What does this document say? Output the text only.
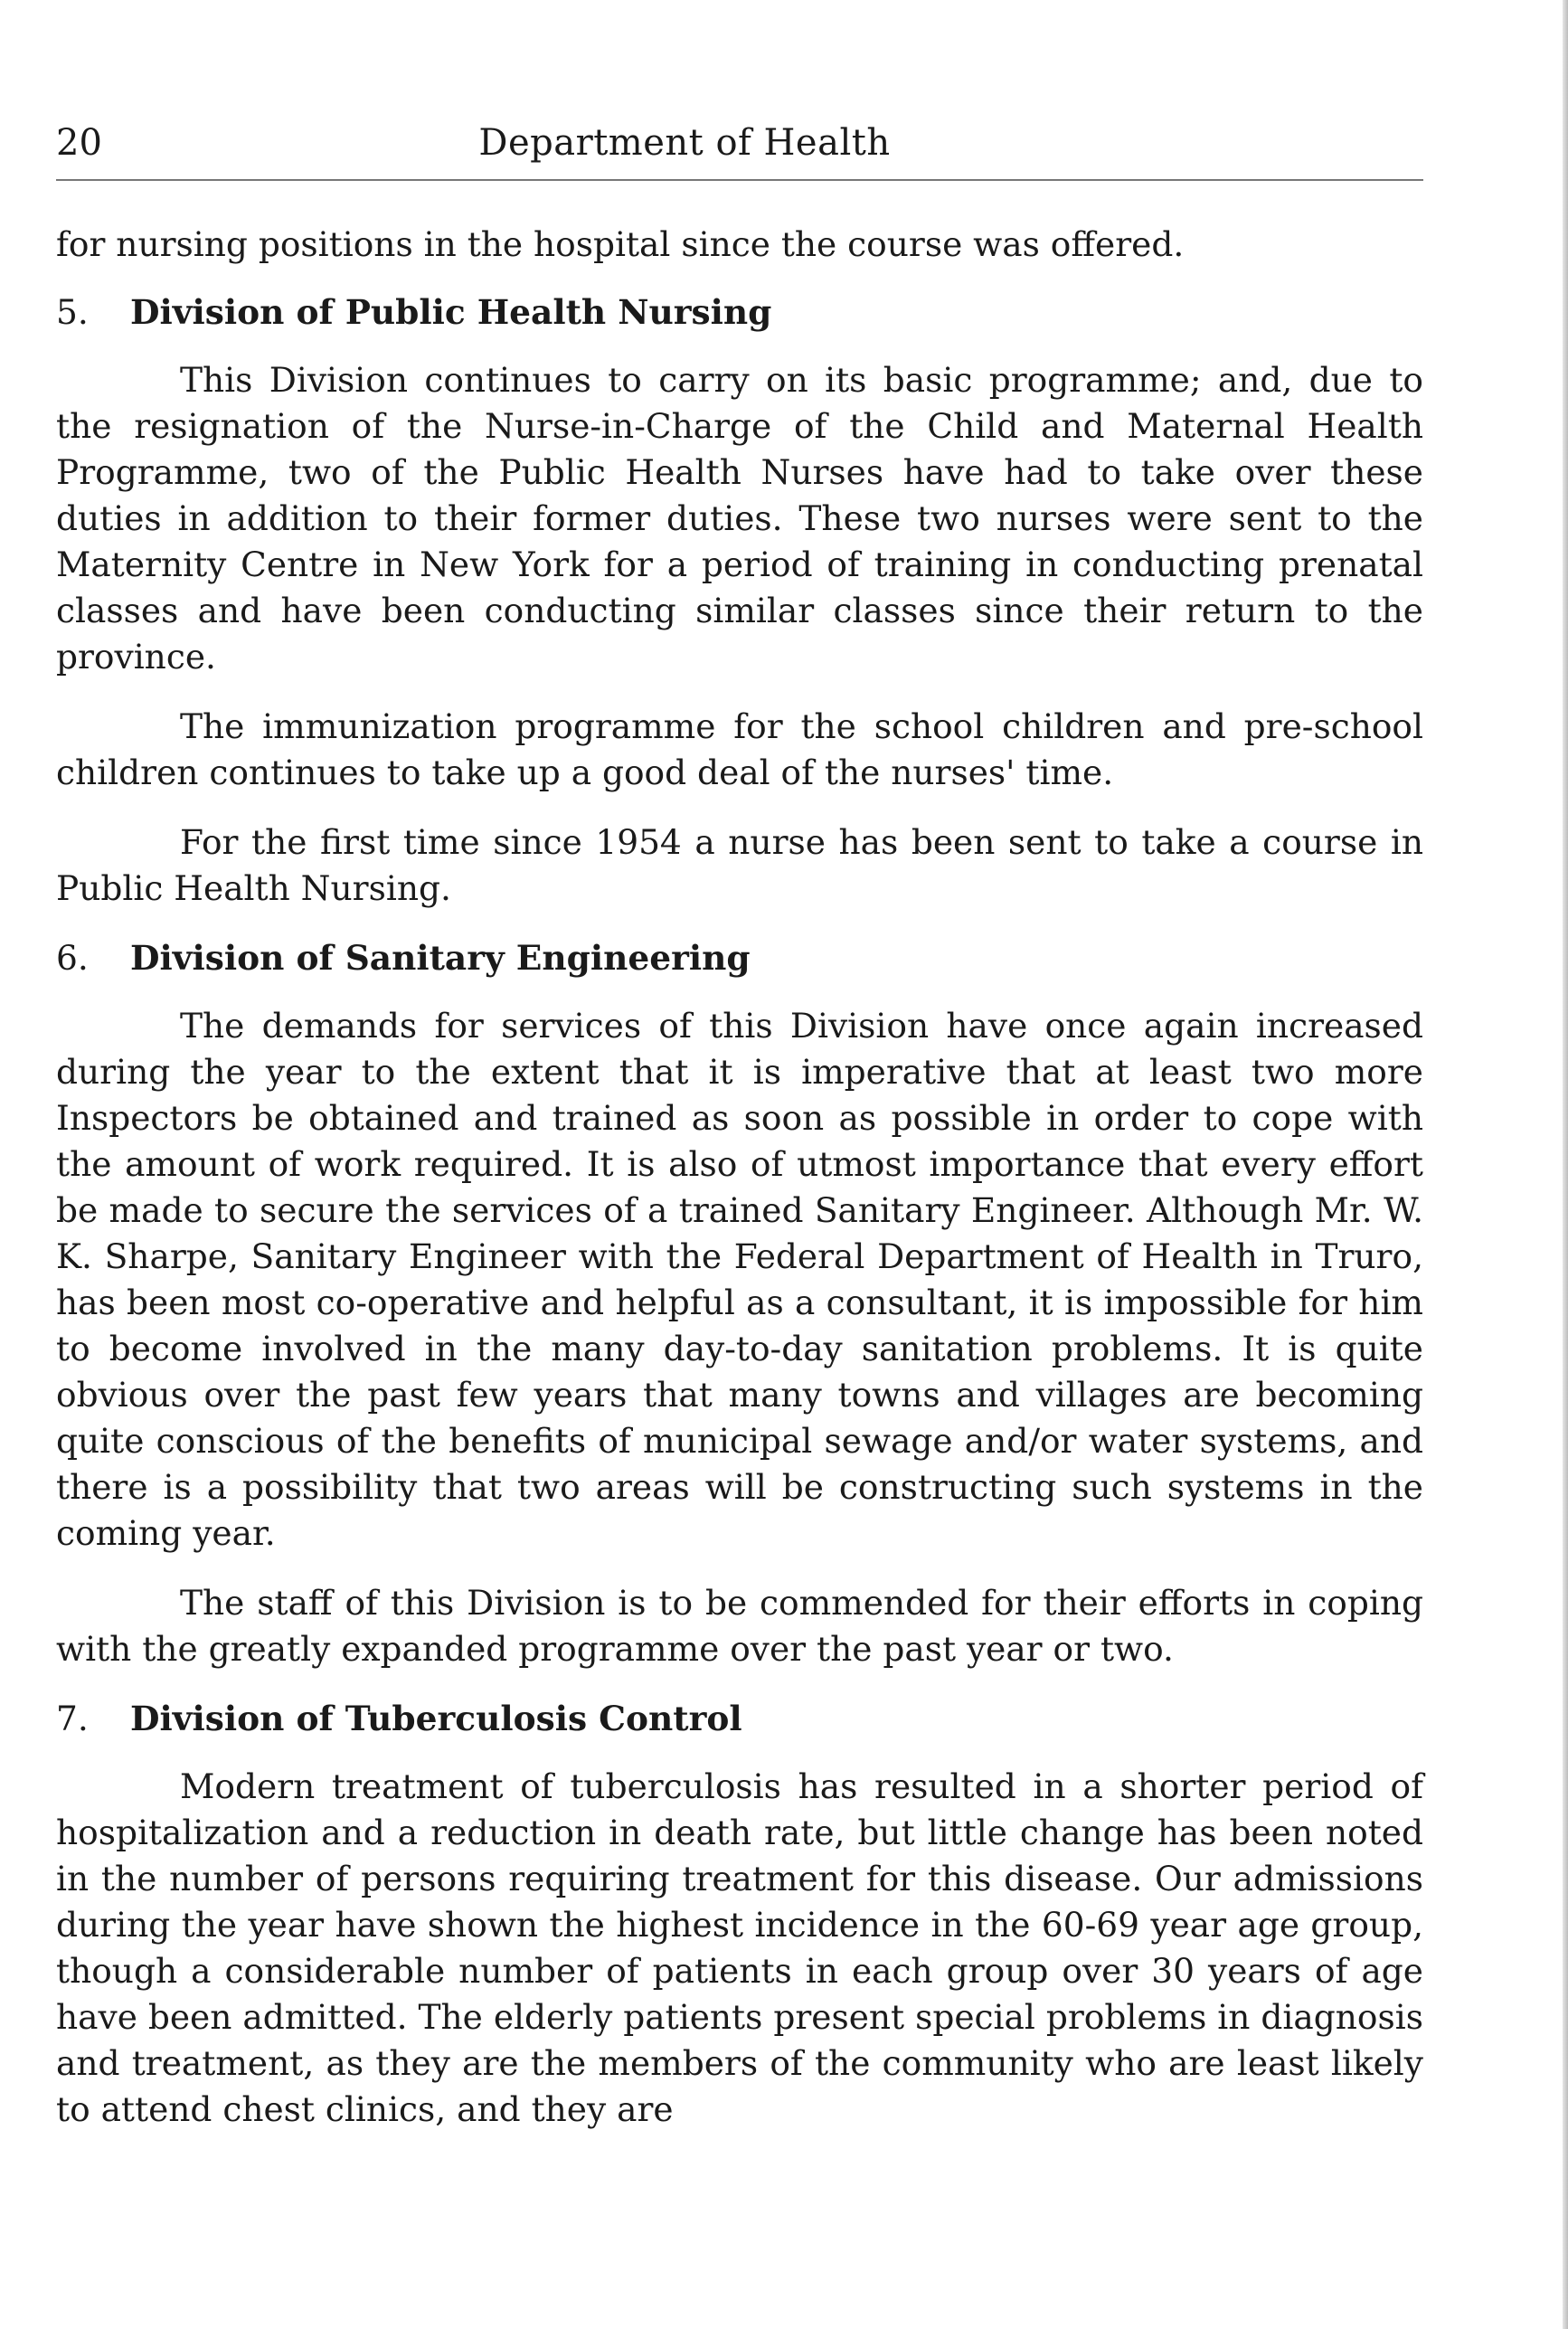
20	Department of Health

for nursing positions in the hospital since the course was offered.

5. Division of Public Health Nursing

This Division continues to carry on its basic programme; and, due to the resignation of the Nurse-in-Charge of the Child and Maternal Health Programme, two of the Public Health Nurses have had to take over these duties in addition to their former duties. These two nurses were sent to the Maternity Centre in New York for a period of training in conducting prenatal classes and have been conducting similar classes since their return to the province.

The immunization programme for the school children and pre-school children continues to take up a good deal of the nurses' time.

For the first time since 1954 a nurse has been sent to take a course in Public Health Nursing.

6. Division of Sanitary Engineering

The demands for services of this Division have once again increased during the year to the extent that it is imperative that at least two more Inspectors be obtained and trained as soon as possible in order to cope with the amount of work required. It is also of utmost importance that every effort be made to secure the services of a trained Sanitary Engineer. Although Mr. W. K. Sharpe, Sanitary Engineer with the Federal Department of Health in Truro, has been most co-operative and helpful as a consultant, it is impossible for him to become involved in the many day-to-day sanitation problems. It is quite obvious over the past few years that many towns and villages are becoming quite conscious of the benefits of municipal sewage and/or water systems, and there is a possibility that two areas will be constructing such systems in the coming year.

The staff of this Division is to be commended for their efforts in coping with the greatly expanded programme over the past year or two.

7. Division of Tuberculosis Control

Modern treatment of tuberculosis has resulted in a shorter period of hospitalization and a reduction in death rate, but little change has been noted in the number of persons requiring treatment for this disease. Our admissions during the year have shown the highest incidence in the 60-69 year age group, though a considerable number of patients in each group over 30 years of age have been admitted. The elderly patients present special problems in diagnosis and treatment, as they are the members of the community who are least likely to attend chest clinics, and they are
